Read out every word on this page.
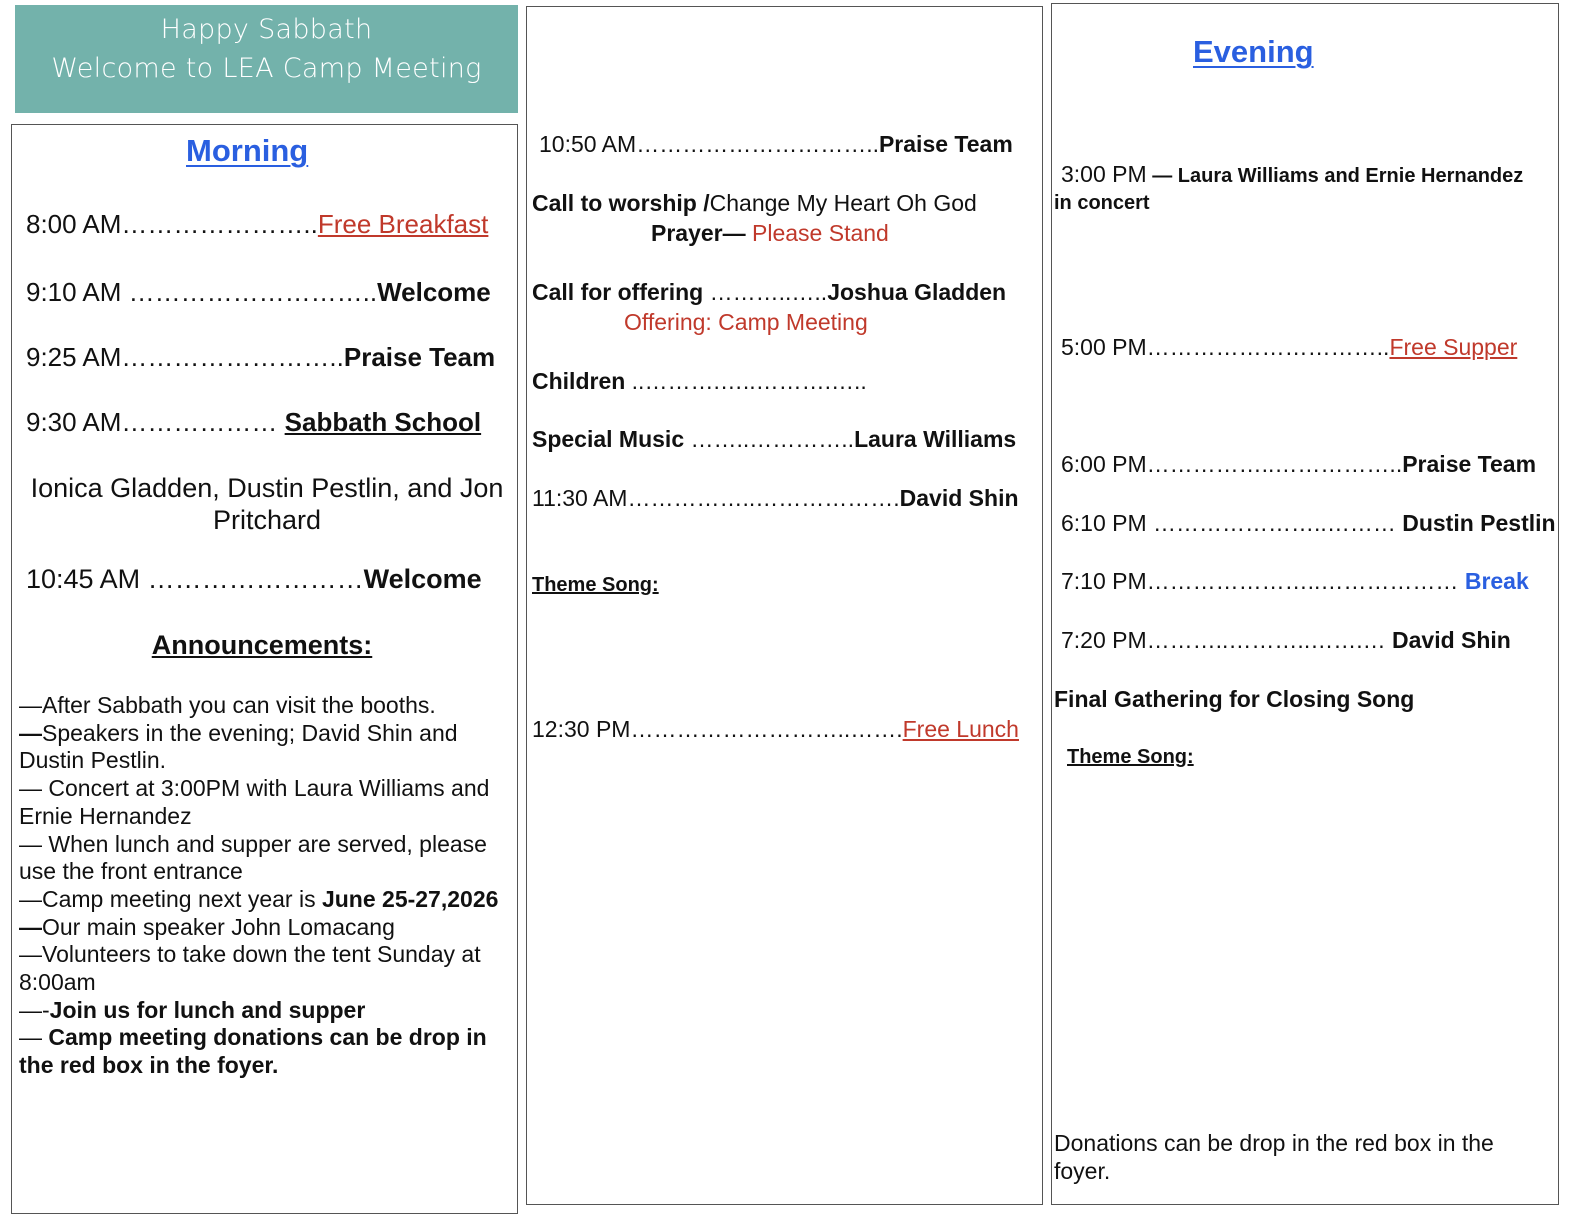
Happy Sabbath
Welcome to LEA Camp Meeting
Morning
8:00 AM…………………..Free Breakfast
9:10 AM ………………………..Welcome
9:25 AM……………………..Praise Team
9:30 AM……………… Sabbath School
Ionica Gladden, Dustin Pestlin, and Jon Pritchard
10:45 AM ……………………Welcome
Announcements:
—After Sabbath you can visit the booths.
—Speakers in the evening; David Shin and Dustin Pestlin.
— Concert at 3:00PM with Laura Williams and Ernie Hernandez
— When lunch and supper are served, please use the front entrance
—Camp meeting next year is June 25-27,2026
—Our main speaker John Lomacang
—Volunteers to take down the tent Sunday at 8:00am
—-Join us for lunch and supper
— Camp meeting donations can be drop in the red box in the foyer.
10:50 AM…………………………..Praise Team
Call to worship /Change My Heart Oh God
Prayer— Please Stand
Call for offering ………..…..Joshua Gladden
Offering: Camp Meeting
Children ..……….…..……….…..
Special Music ……..…………..Laura Williams
11:30 AM……………..……………….David Shin
Theme Song:
12:30 PM………………………..…….Free Lunch
Evening
3:00 PM — Laura Williams and Ernie Hernandez in concert
5:00 PM…………………………..Free Supper
6:00 PM……………..……………..Praise Team
6:10 PM …………………..……… Dustin Pestlin
7:10 PM…………………..……………… Break
7:20 PM………..………..…….… David Shin
Final Gathering for Closing Song
Theme Song:
Donations can be drop in the red box in the foyer.
